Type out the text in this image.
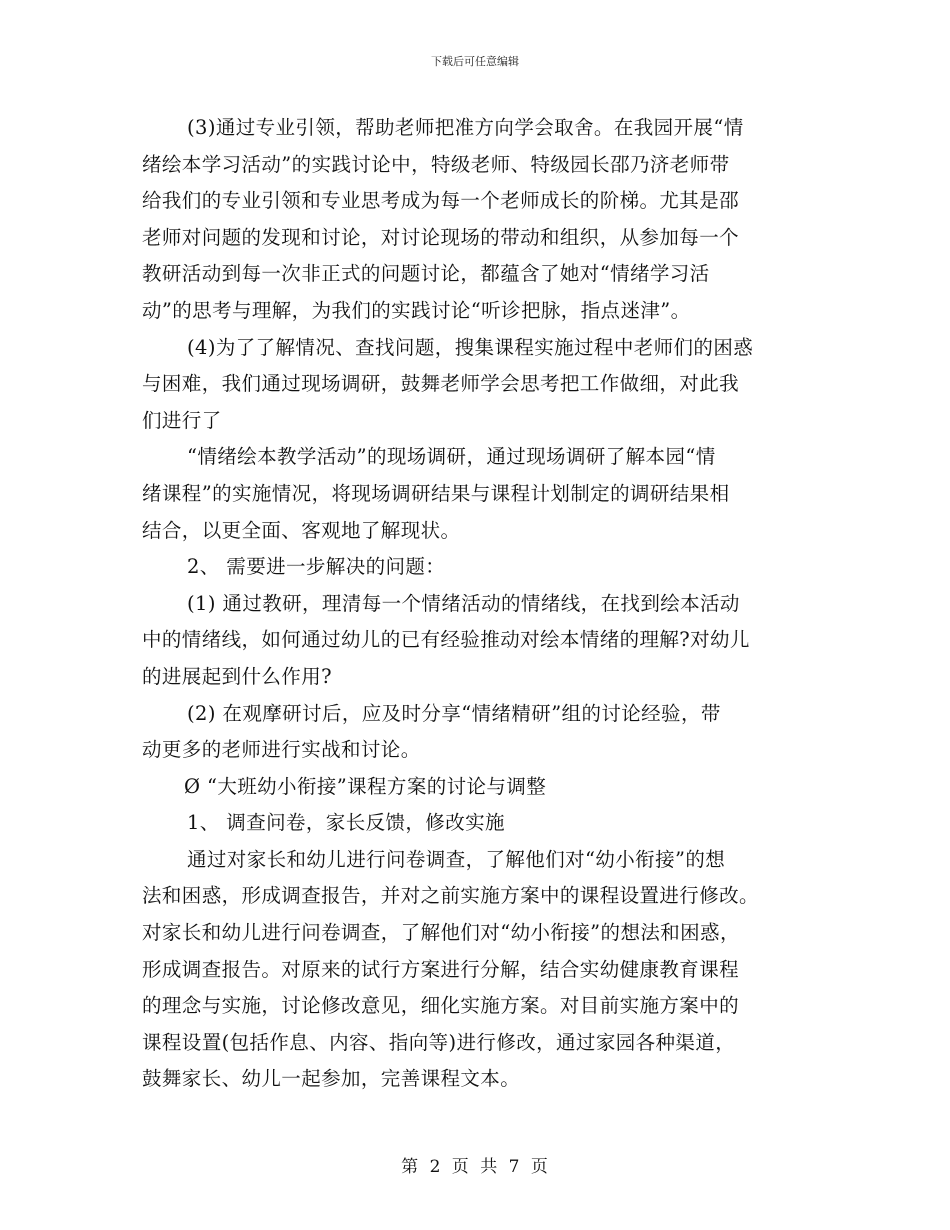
下载后可任意编辑
(3)通过专业引领，帮助老师把准方向学会取舍。在我园开展“情
绪绘本学习活动”的实践讨论中，特级老师、特级园长邵乃济老师带
给我们的专业引领和专业思考成为每一个老师成长的阶梯。尤其是邵
老师对问题的发现和讨论，对讨论现场的带动和组织，从参加每一个
教研活动到每一次非正式的问题讨论，都蕴含了她对“情绪学习活
动”的思考与理解，为我们的实践讨论“听诊把脉，指点迷津”。
(4)为了了解情况、查找问题，搜集课程实施过程中老师们的困惑
与困难，我们通过现场调研，鼓舞老师学会思考把工作做细，对此我
们进行了
“情绪绘本教学活动”的现场调研，通过现场调研了解本园“情
绪课程”的实施情况，将现场调研结果与课程计划制定的调研结果相
结合，以更全面、客观地了解现状。
2、 需要进一步解决的问题：
(1) 通过教研，理清每一个情绪活动的情绪线，在找到绘本活动
中的情绪线，如何通过幼儿的已有经验推动对绘本情绪的理解?对幼儿
的进展起到什么作用?
(2) 在观摩研讨后，应及时分享“情绪精研”组的讨论经验，带
动更多的老师进行实战和讨论。
Ø “大班幼小衔接”课程方案的讨论与调整
1、 调查问卷，家长反馈，修改实施
通过对家长和幼儿进行问卷调查，了解他们对“幼小衔接”的想
法和困惑，形成调查报告，并对之前实施方案中的课程设置进行修改。
对家长和幼儿进行问卷调查，了解他们对“幼小衔接”的想法和困惑，
形成调查报告。对原来的试行方案进行分解，结合实幼健康教育课程
的理念与实施，讨论修改意见，细化实施方案。对目前实施方案中的
课程设置(包括作息、内容、指向等)进行修改，通过家园各种渠道，
鼓舞家长、幼儿一起参加，完善课程文本。
第 2 页 共 7 页
